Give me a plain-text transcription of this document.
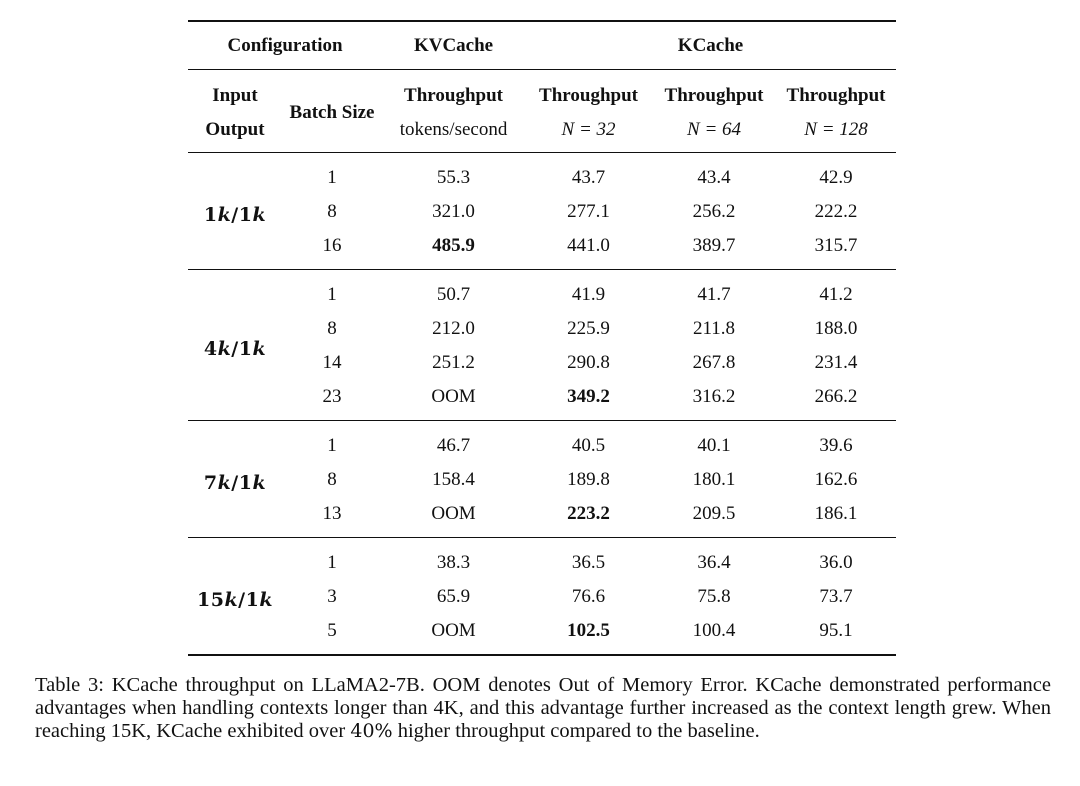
Configuration		KVCache	KCache		
Input	Batch Size	Throughput	Throughput	Throughput	Throughput
Output		tokens/second	N = 32	N = 64	N = 128
1k/1k	1	55.3	43.7	43.4	42.9
	8	321.0	277.1	256.2	222.2
	16	485.9	441.0	389.7	315.7
4k/1k	1	50.7	41.9	41.7	41.2
	8	212.0	225.9	211.8	188.0
	14	251.2	290.8	267.8	231.4
	23	OOM	349.2	316.2	266.2
7k/1k	1	46.7	40.5	40.1	39.6
	8	158.4	189.8	180.1	162.6
	13	OOM	223.2	209.5	186.1
15k/1k	1	38.3	36.5	36.4	36.0
	3	65.9	76.6	75.8	73.7
	5	OOM	102.5	100.4	95.1
Table 3: KCache throughput on LLaMA2-7B. OOM denotes Out of Memory Error. KCache demonstrated performance advantages when handling contexts longer than 4K, and this advantage further increased as the context length grew. When reaching 15K, KCache exhibited over 40% higher throughput compared to the baseline.
